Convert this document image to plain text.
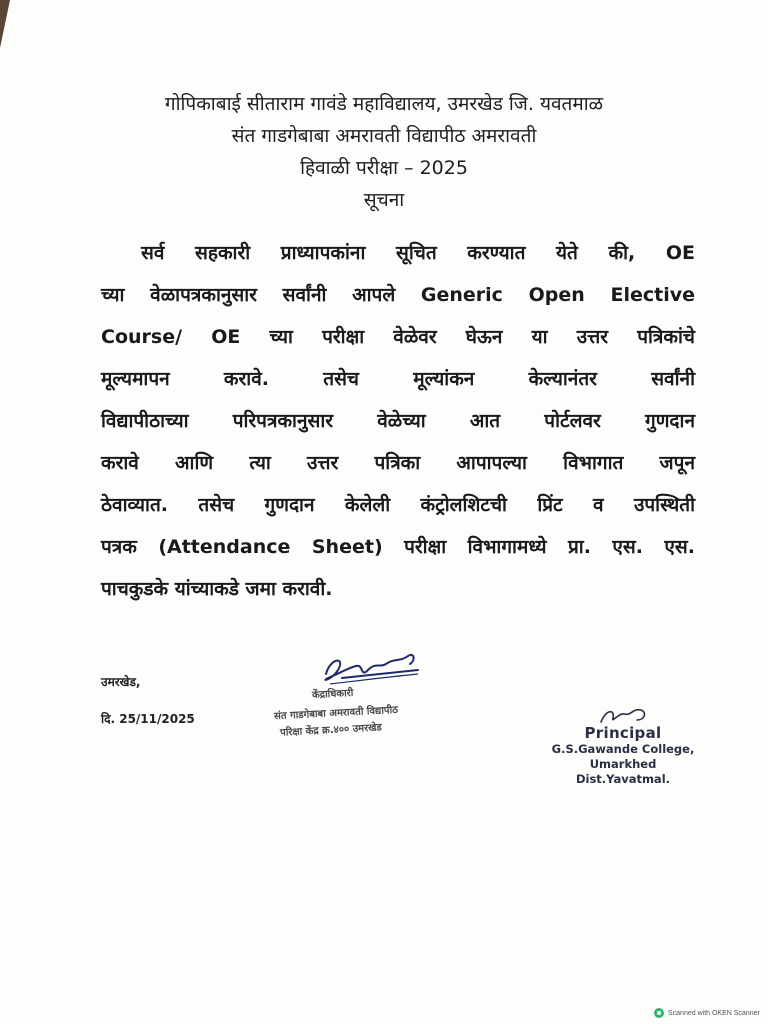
गोपिकाबाई सीताराम गावंडे महाविद्यालय, उमरखेड जि. यवतमाळ
संत गाडगेबाबा अमरावती विद्यापीठ अमरावती
हिवाळी परीक्षा – 2025
सूचना
सर्व सहकारी प्राध्यापकांना सूचित करण्यात येते की, OE
च्या वेळापत्रकानुसार सर्वांनी आपले Generic Open Elective
Course/ OE च्या परीक्षा वेळेवर घेऊन या उत्तर पत्रिकांचे
मूल्यमापन करावे. तसेच मूल्यांकन केल्यानंतर सर्वांनी
विद्यापीठाच्या परिपत्रकानुसार वेळेच्या आत पोर्टलवर गुणदान
करावे आणि त्या उत्तर पत्रिका आपापल्या विभागात जपून
ठेवाव्यात. तसेच गुणदान केलेली कंट्रोलशिटची प्रिंट व उपस्थिती
पत्रक (Attendance Sheet) परीक्षा विभागामध्ये प्रा. एस. एस.
पाचकुडके यांच्याकडे जमा करावी.
उमरखेड,
दि. 25/11/2025
केंद्राधिकारी
संत गाडगेबाबा अमरावती विद्यापीठ
परिक्षा केंद्र क्र.४०० उमरखेड	Principal
G.S.Gawande College,
Umarkhed Dist.Yavatmal.
Scanned with OKEN Scanner
